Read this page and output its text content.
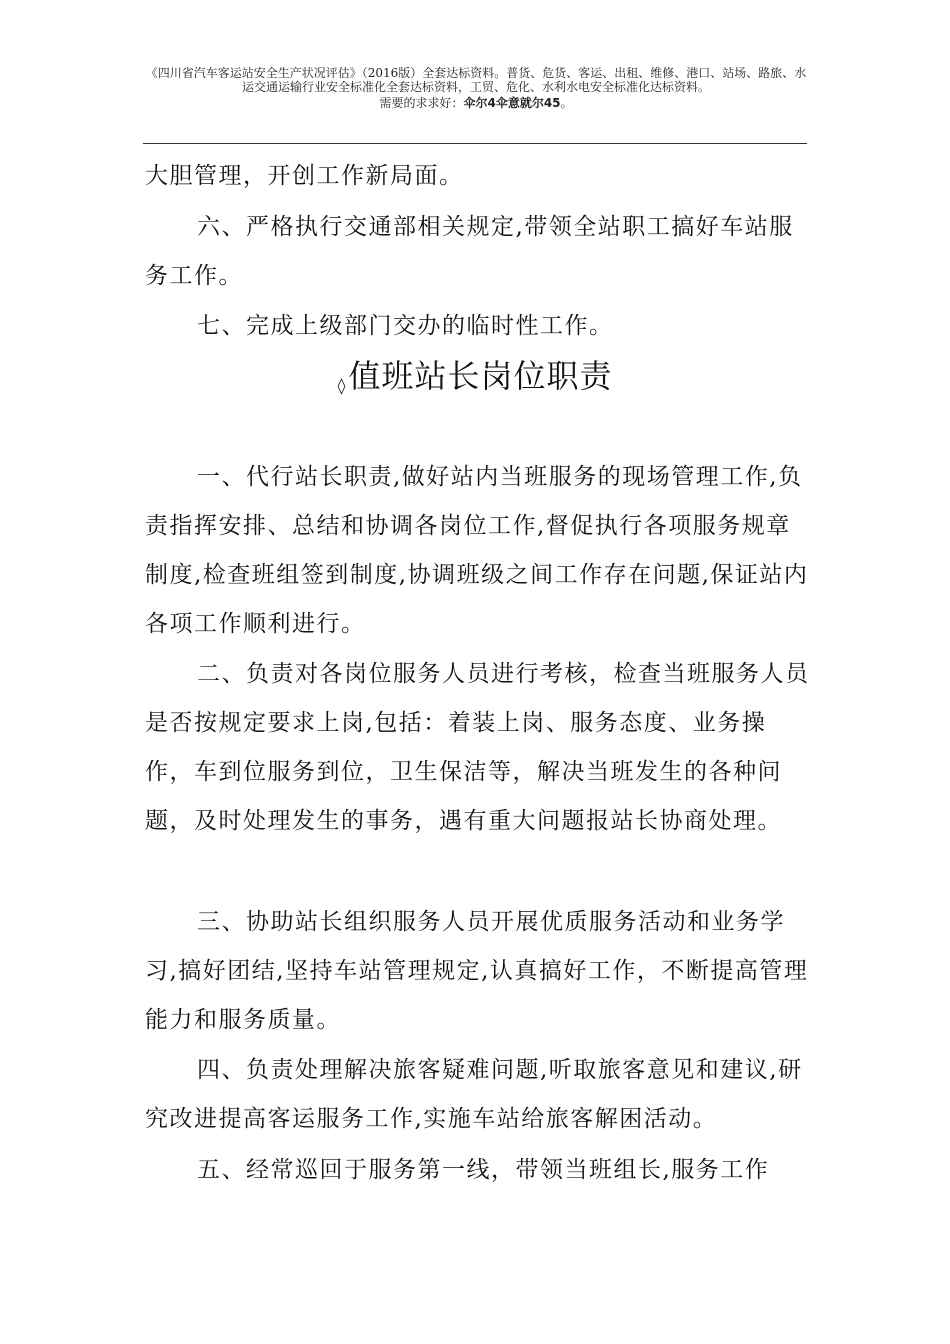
《四川省汽车客运站安全生产状况评估》（2016版）全套达标资料。普货、危货、客运、出租、维修、港口、站场、路旅、水运交通运输行业安全标准化全套达标资料，工贸、危化、水利水电安全标准化达标资料。
需要的求求好：伞尔4伞意就尔45。

大胆管理，开创工作新局面。

六、严格执行交通部相关规定,带领全站职工搞好车站服务工作。

七、完成上级部门交办的临时性工作。

◊值班站长岗位职责

一、代行站长职责,做好站内当班服务的现场管理工作,负责指挥安排、总结和协调各岗位工作,督促执行各项服务规章制度,检查班组签到制度,协调班级之间工作存在问题,保证站内各项工作顺利进行。

二、负责对各岗位服务人员进行考核，检查当班服务人员是否按规定要求上岗,包括：着装上岗、服务态度、业务操作，车到位服务到位，卫生保洁等，解决当班发生的各种问题，及时处理发生的事务，遇有重大问题报站长协商处理。

三、协助站长组织服务人员开展优质服务活动和业务学习,搞好团结,坚持车站管理规定,认真搞好工作，不断提高管理能力和服务质量。

四、负责处理解决旅客疑难问题,听取旅客意见和建议,研究改进提高客运服务工作,实施车站给旅客解困活动。

五、经常巡回于服务第一线，带领当班组长,服务工作
